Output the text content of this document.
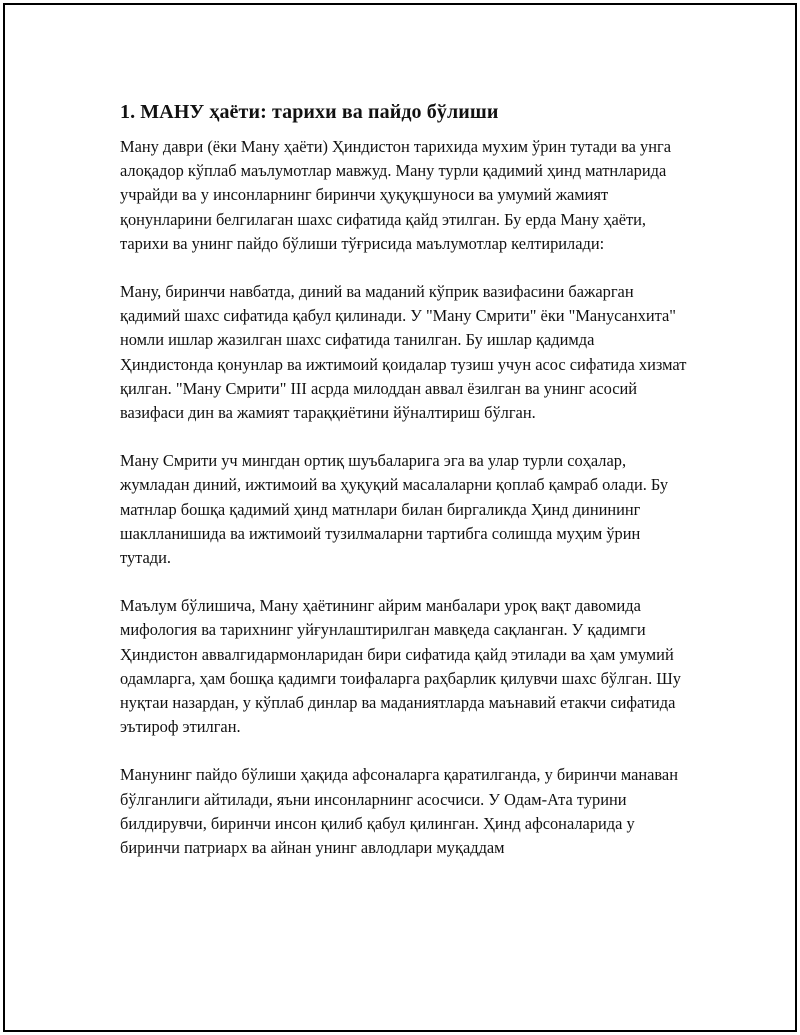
1. МАНУ ҳаёти: тарихи ва пайдо бўлиши

Ману даври (ёки Ману ҳаёти) Ҳиндистон тарихида мухим ўрин тутади ва унга алоқадор кўплаб маълумотлар мавжуд. Ману турли қадимий ҳинд матнларида учрайди ва у инсонларнинг биринчи ҳуқуқшуноси ва умумий жамият қонунларини белгилаган шахс сифатида қайд этилган. Бу ерда Ману ҳаёти, тарихи ва унинг пайдо бўлиши тўғрисида маълумотлар келтирилади:

Ману, биринчи навбатда, диний ва маданий кўприк вазифасини бажарган қадимий шахс сифатида қабул қилинади. У "Ману Смрити" ёки "Манусанхита" номли ишлар жазилган шахс сифатида танилган. Бу ишлар қадимда Ҳиндистонда қонунлар ва ижтимоий қоидалар тузиш учун асос сифатида хизмат қилган. "Ману Смрити" III асрда милоддан аввал ёзилган ва унинг асосий вазифаси дин ва жамият тараққиётини йўналтириш бўлган.

Ману Смрити уч мингдан ортиқ шуъбаларига эга ва улар турли соҳалар, жумладан диний, ижтимоий ва ҳуқуқий масалаларни қоплаб қамраб олади. Бу матнлар бошқа қадимий ҳинд матнлари билан биргаликда Ҳинд динининг шаклланишида ва ижтимоий тузилмаларни тартибга солишда муҳим ўрин тутади.

Маълум бўлишича, Ману ҳаётининг айрим манбалари уроқ вақт давомида мифология ва тарихнинг уйғунлаштирилган мавқеда сақланган. У қадимги Ҳиндистон аввалгидармонларидан бири сифатида қайд этилади ва ҳам умумий одамларга, ҳам бошқа қадимги тоифаларга раҳбарлик қилувчи шахс бўлган. Шу нуқтаи назардан, у кўплаб динлар ва маданиятларда маънавий етакчи сифатида эътироф этилган.

Манунинг пайдо бўлиши ҳақида афсоналарга қаратилганда, у биринчи манаван бўлганлиги айтилади, яъни инсонларнинг асосчиси. У Одам-Ата турини билдирувчи, биринчи инсон қилиб қабул қилинган. Ҳинд афсоналарида у биринчи патриарх ва айнан унинг авлодлари муқаддам
